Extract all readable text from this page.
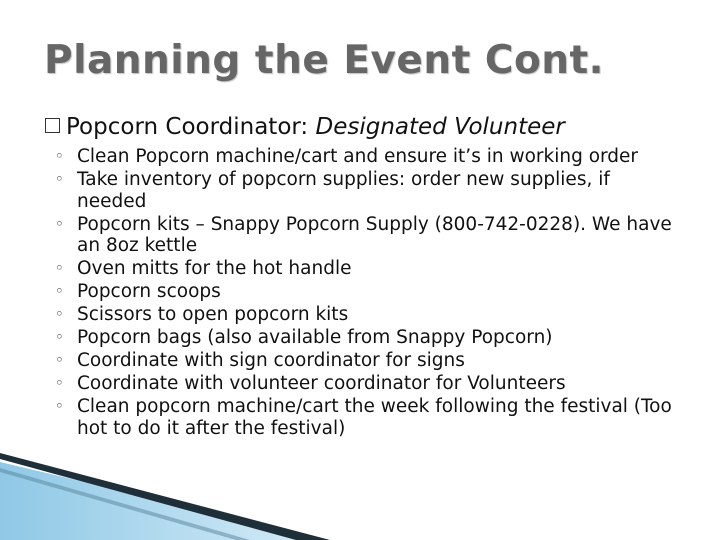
Planning the Event Cont.
Popcorn Coordinator: Designated Volunteer
◦ Clean Popcorn machine/cart and ensure it’s in working order
◦ Take inventory of popcorn supplies: order new supplies, if needed
◦ Popcorn kits – Snappy Popcorn Supply (800-742-0228). We have an 8oz kettle
◦ Oven mitts for the hot handle
◦ Popcorn scoops
◦ Scissors to open popcorn kits
◦ Popcorn bags (also available from Snappy Popcorn)
◦ Coordinate with sign coordinator for signs
◦ Coordinate with volunteer coordinator for Volunteers
◦ Clean popcorn machine/cart the week following the festival (Too hot to do it after the festival)
